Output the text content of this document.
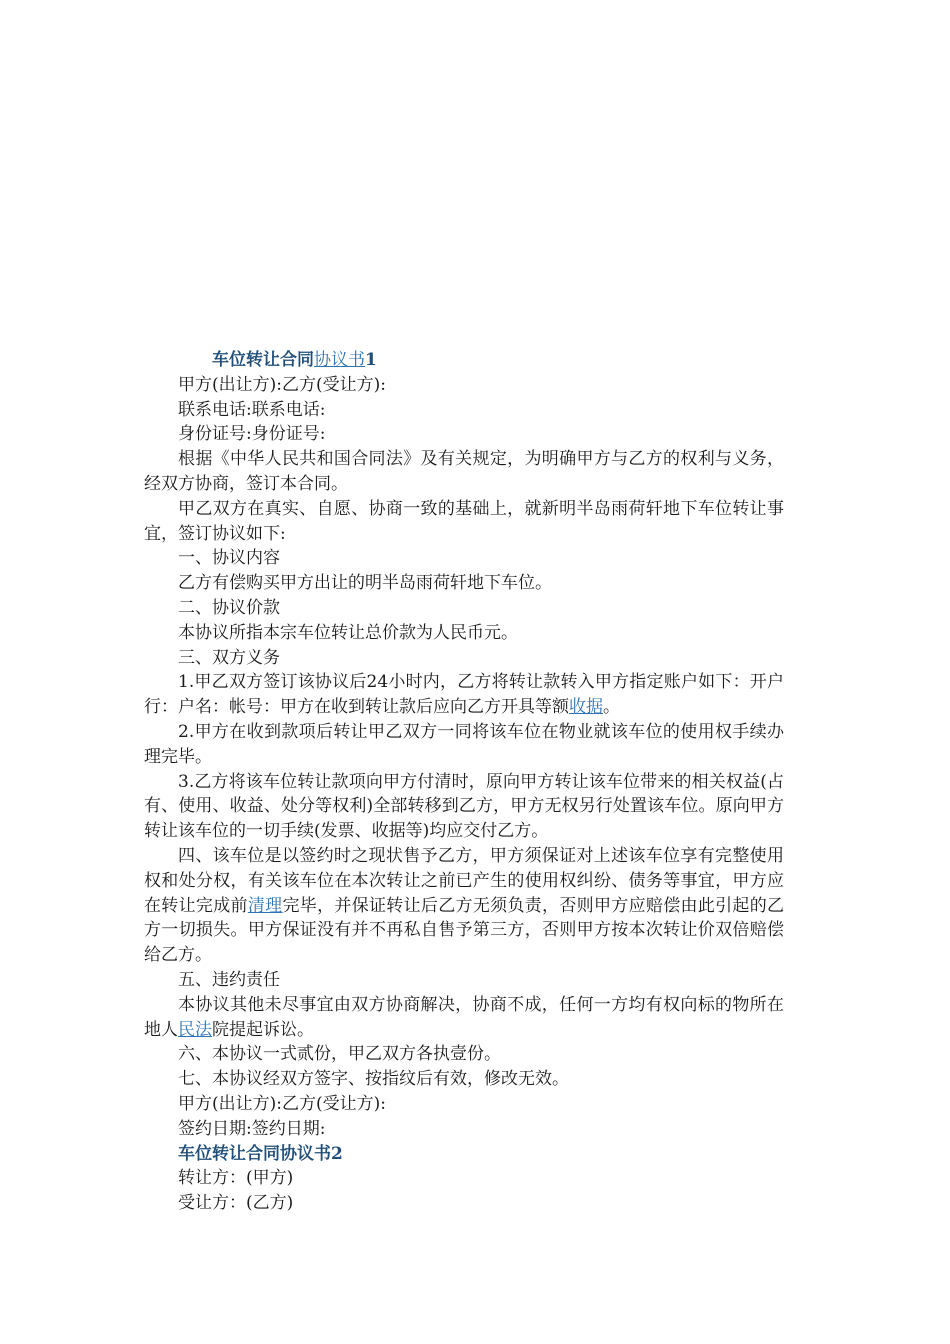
车位转让合同协议书1
甲方(出让方):乙方(受让方):
联系电话:联系电话:
身份证号:身份证号:
根据《中华人民共和国合同法》及有关规定，为明确甲方与乙方的权利与义务，经双方协商，签订本合同。
甲乙双方在真实、自愿、协商一致的基础上，就新明半岛雨荷轩地下车位转让事宜，签订协议如下:
一、协议内容
乙方有偿购买甲方出让的明半岛雨荷轩地下车位。
二、协议价款
本协议所指本宗车位转让总价款为人民币元。
三、双方义务
1.甲乙双方签订该协议后24小时内，乙方将转让款转入甲方指定账户如下：开户行：户名：帐号：甲方在收到转让款后应向乙方开具等额收据。
2.甲方在收到款项后转让甲乙双方一同将该车位在物业就该车位的使用权手续办理完毕。
3.乙方将该车位转让款项向甲方付清时，原向甲方转让该车位带来的相关权益(占有、使用、收益、处分等权利)全部转移到乙方，甲方无权另行处置该车位。原向甲方转让该车位的一切手续(发票、收据等)均应交付乙方。
四、该车位是以签约时之现状售予乙方，甲方须保证对上述该车位享有完整使用权和处分权，有关该车位在本次转让之前已产生的使用权纠纷、债务等事宜，甲方应在转让完成前清理完毕，并保证转让后乙方无须负责，否则甲方应赔偿由此引起的乙方一切损失。甲方保证没有并不再私自售予第三方，否则甲方按本次转让价双倍赔偿给乙方。
五、违约责任
本协议其他未尽事宜由双方协商解决，协商不成，任何一方均有权向标的物所在地人民法院提起诉讼。
六、本协议一式贰份，甲乙双方各执壹份。
七、本协议经双方签字、按指纹后有效，修改无效。
甲方(出让方):乙方(受让方):
签约日期:签约日期:
车位转让合同协议书2
转让方：(甲方)
受让方：(乙方)
